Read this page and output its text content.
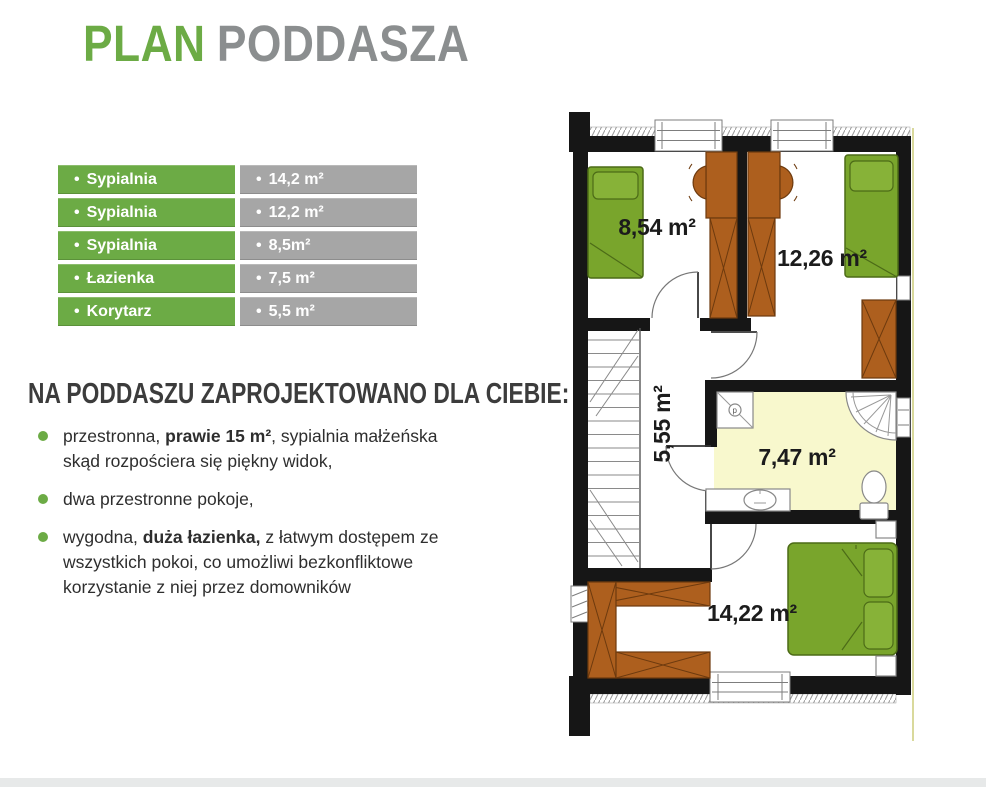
PLAN PODDASZA
• Sypialnia	• 14,2 m²
• Sypialnia	• 12,2 m²
• Sypialnia	• 8,5m²
• Łazienka	• 7,5 m²
• Korytarz	• 5,5 m²
NA PODDASZU ZAPROJEKTOWANO DLA CIEBIE:
przestronna, prawie 15 m², sypialnia małżeńska
skąd rozpościera się piękny widok,
dwa przestronne pokoje,
wygodna, duża łazienka, z łatwym dostępem ze
wszystkich pokoi, co umożliwi bezkonfliktowe
korzystanie z niej przez domowników
p
8,54 m²
12,26 m²
5,55 m²	7,47 m²
14,22 m²
